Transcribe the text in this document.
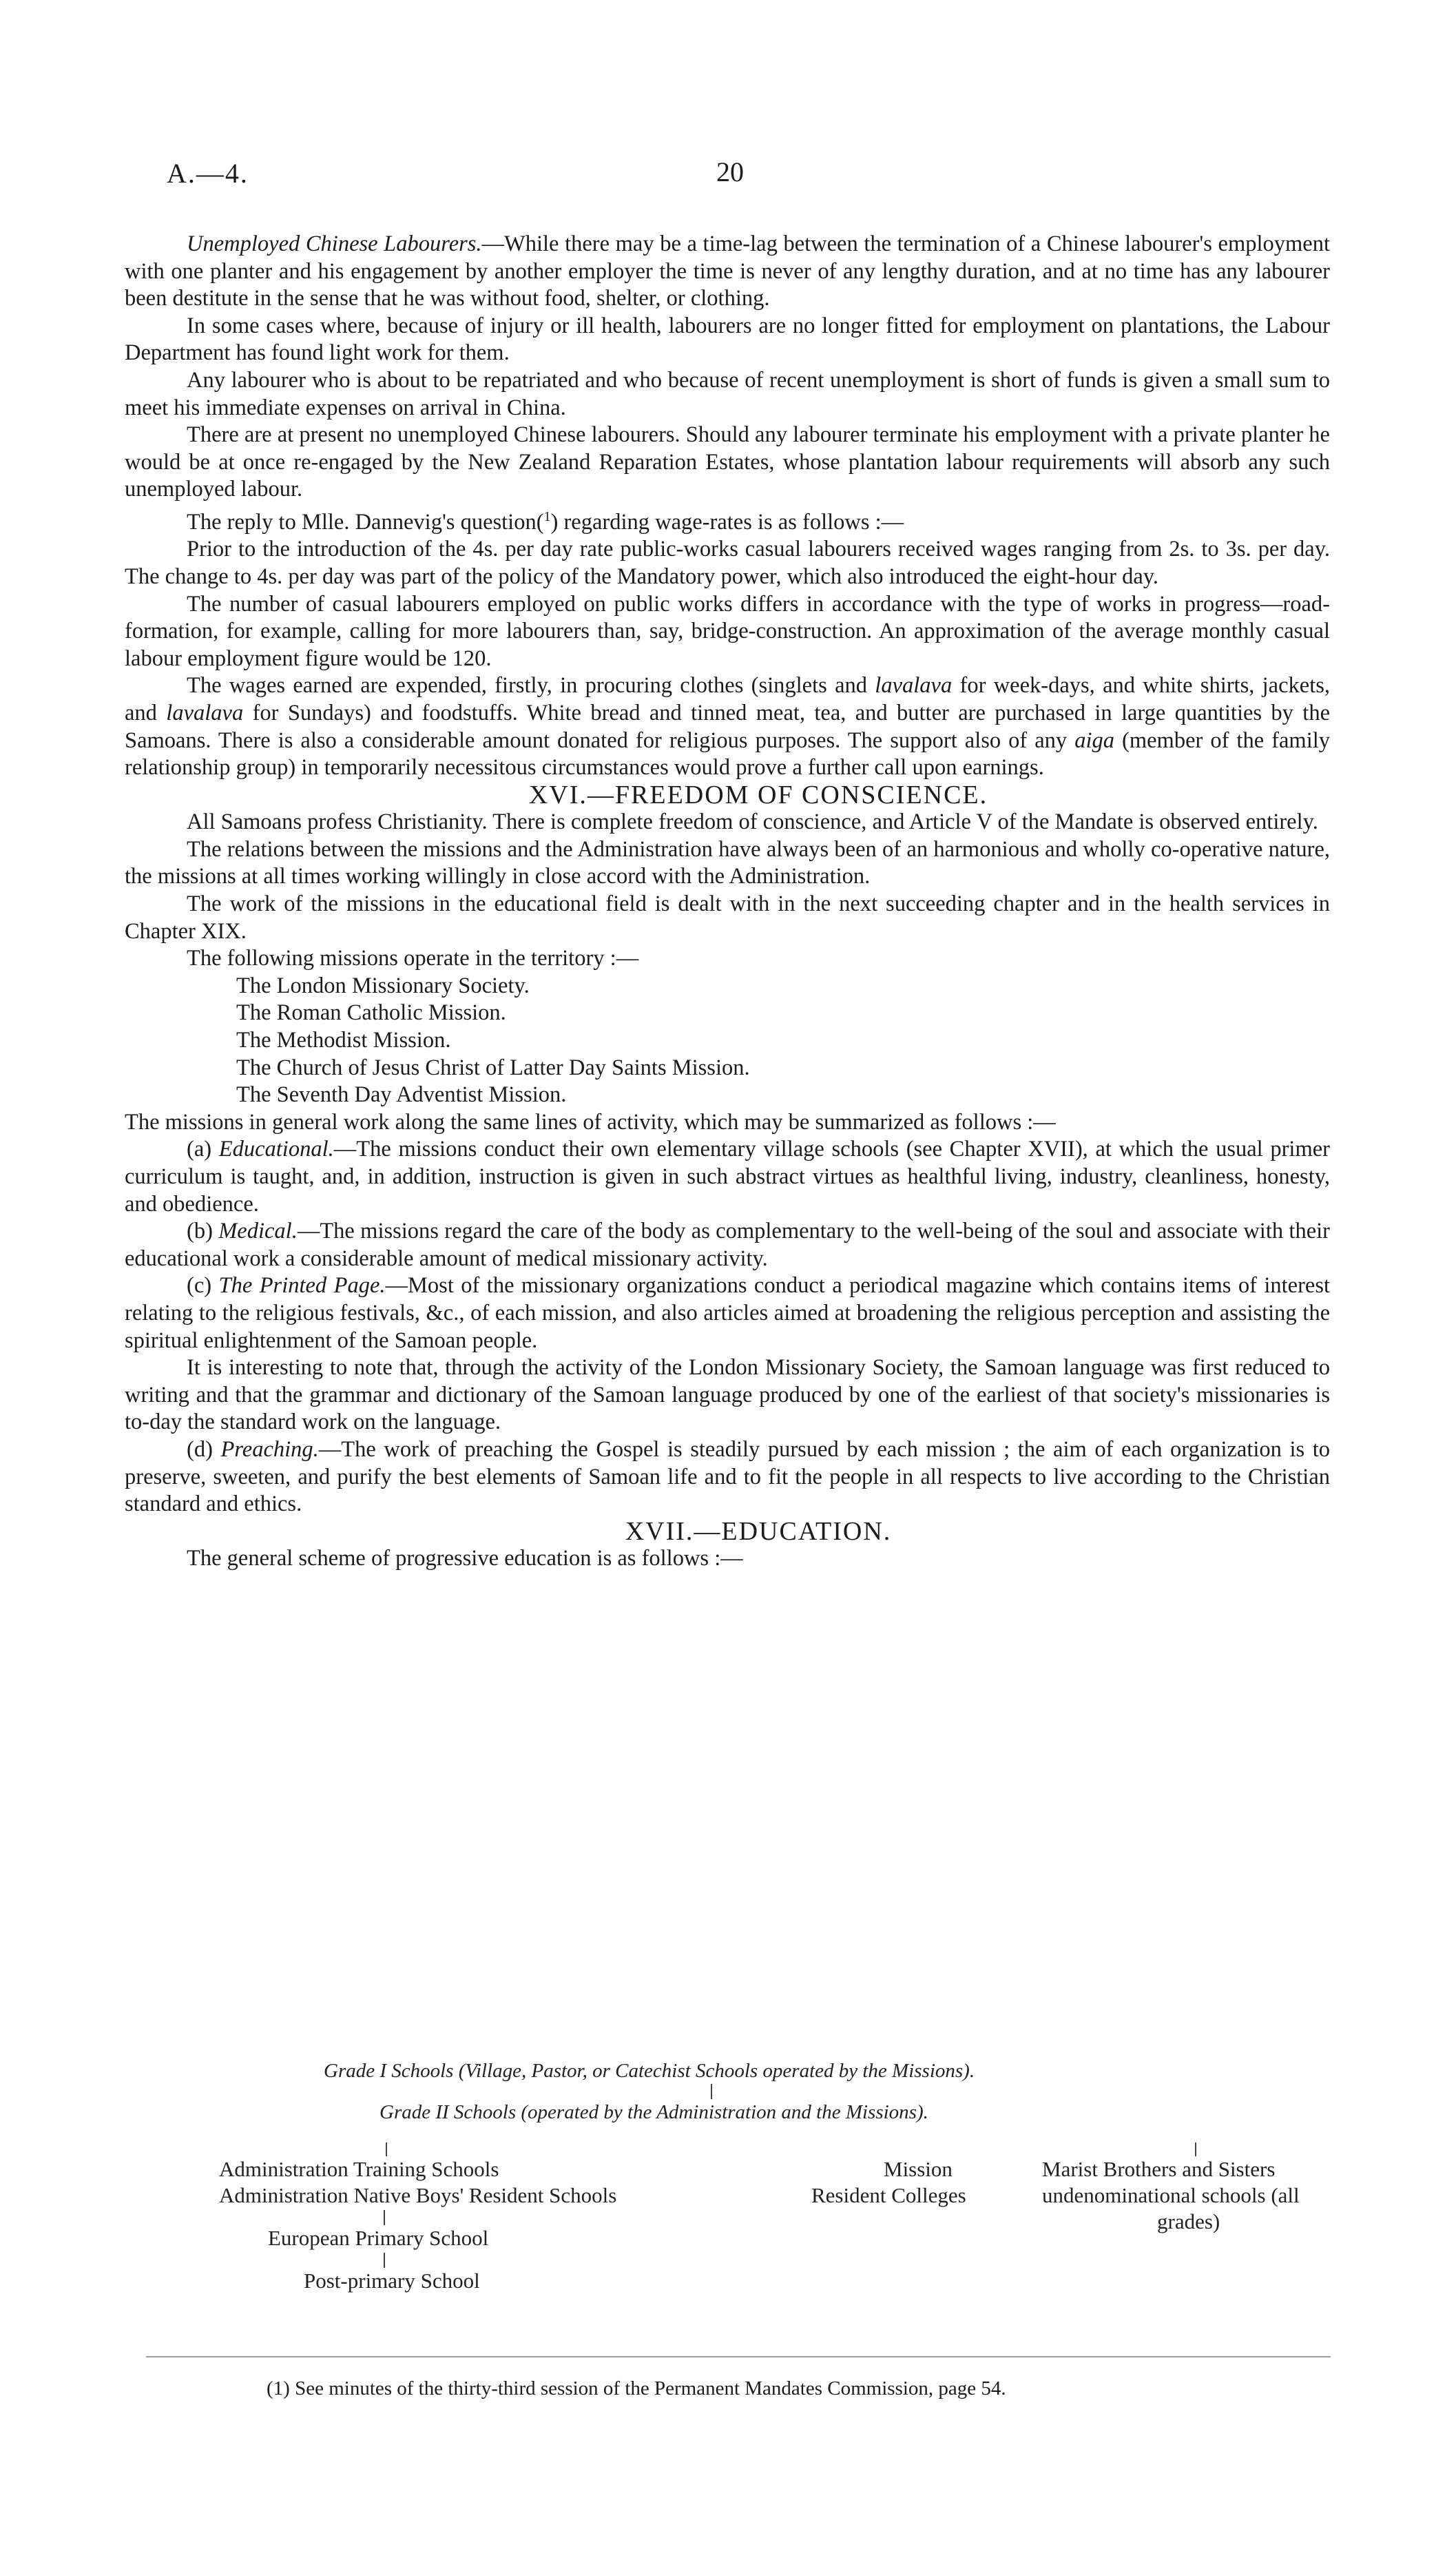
A.—4.	20

Unemployed Chinese Labourers.—While there may be a time-lag between the termination of a Chinese labourer's employment with one planter and his engagement by another employer the time is never of any lengthy duration, and at no time has any labourer been destitute in the sense that he was without food, shelter, or clothing.

In some cases where, because of injury or ill health, labourers are no longer fitted for employment on plantations, the Labour Department has found light work for them.

Any labourer who is about to be repatriated and who because of recent unemployment is short of funds is given a small sum to meet his immediate expenses on arrival in China.

There are at present no unemployed Chinese labourers. Should any labourer terminate his employment with a private planter he would be at once re-engaged by the New Zealand Reparation Estates, whose plantation labour requirements will absorb any such unemployed labour.

The reply to Mlle. Dannevig's question($^1$) regarding wage-rates is as follows :—

Prior to the introduction of the 4s. per day rate public-works casual labourers received wages ranging from 2s. to 3s. per day. The change to 4s. per day was part of the policy of the Mandatory power, which also introduced the eight-hour day.

The number of casual labourers employed on public works differs in accordance with the type of works in progress—road-formation, for example, calling for more labourers than, say, bridge-construction. An approximation of the average monthly casual labour employment figure would be 120.

The wages earned are expended, firstly, in procuring clothes (singlets and lavalava for week-days, and white shirts, jackets, and lavalava for Sundays) and foodstuffs. White bread and tinned meat, tea, and butter are purchased in large quantities by the Samoans. There is also a considerable amount donated for religious purposes. The support also of any aiga (member of the family relationship group) in temporarily necessitous circumstances would prove a further call upon earnings.

XVI.—FREEDOM OF CONSCIENCE.

All Samoans profess Christianity. There is complete freedom of conscience, and Article V of the Mandate is observed entirely.

The relations between the missions and the Administration have always been of an harmonious and wholly co-operative nature, the missions at all times working willingly in close accord with the Administration.

The work of the missions in the educational field is dealt with in the next succeeding chapter and in the health services in Chapter XIX.

The following missions operate in the territory :—

The London Missionary Society.
The Roman Catholic Mission.
The Methodist Mission.
The Church of Jesus Christ of Latter Day Saints Mission.
The Seventh Day Adventist Mission.

The missions in general work along the same lines of activity, which may be summarized as follows :—

(a) Educational.—The missions conduct their own elementary village schools (see Chapter XVII), at which the usual primer curriculum is taught, and, in addition, instruction is given in such abstract virtues as healthful living, industry, cleanliness, honesty, and obedience.

(b) Medical.—The missions regard the care of the body as complementary to the well-being of the soul and associate with their educational work a considerable amount of medical missionary activity.

(c) The Printed Page.—Most of the missionary organizations conduct a periodical magazine which contains items of interest relating to the religious festivals, &c., of each mission, and also articles aimed at broadening the religious perception and assisting the spiritual enlightenment of the Samoan people.

It is interesting to note that, through the activity of the London Missionary Society, the Samoan language was first reduced to writing and that the grammar and dictionary of the Samoan language produced by one of the earliest of that society's missionaries is to-day the standard work on the language.

(d) Preaching.—The work of preaching the Gospel is steadily pursued by each mission ; the aim of each organization is to preserve, sweeten, and purify the best elements of Samoan life and to fit the people in all respects to live according to the Christian standard and ethics.

XVII.—EDUCATION.

The general scheme of progressive education is as follows :—

Grade I Schools (Village, Pastor, or Catechist Schools operated by the Missions).
Grade II Schools (operated by the Administration and the Missions).
Administration Training Schools
Administration Native Boys' Resident Schools
European Primary School
Post-primary School
Mission
Resident Colleges
Marist Brothers and Sisters
undenominational schools (all
grades)
(1) See minutes of the thirty-third session of the Permanent Mandates Commission, page 54.
